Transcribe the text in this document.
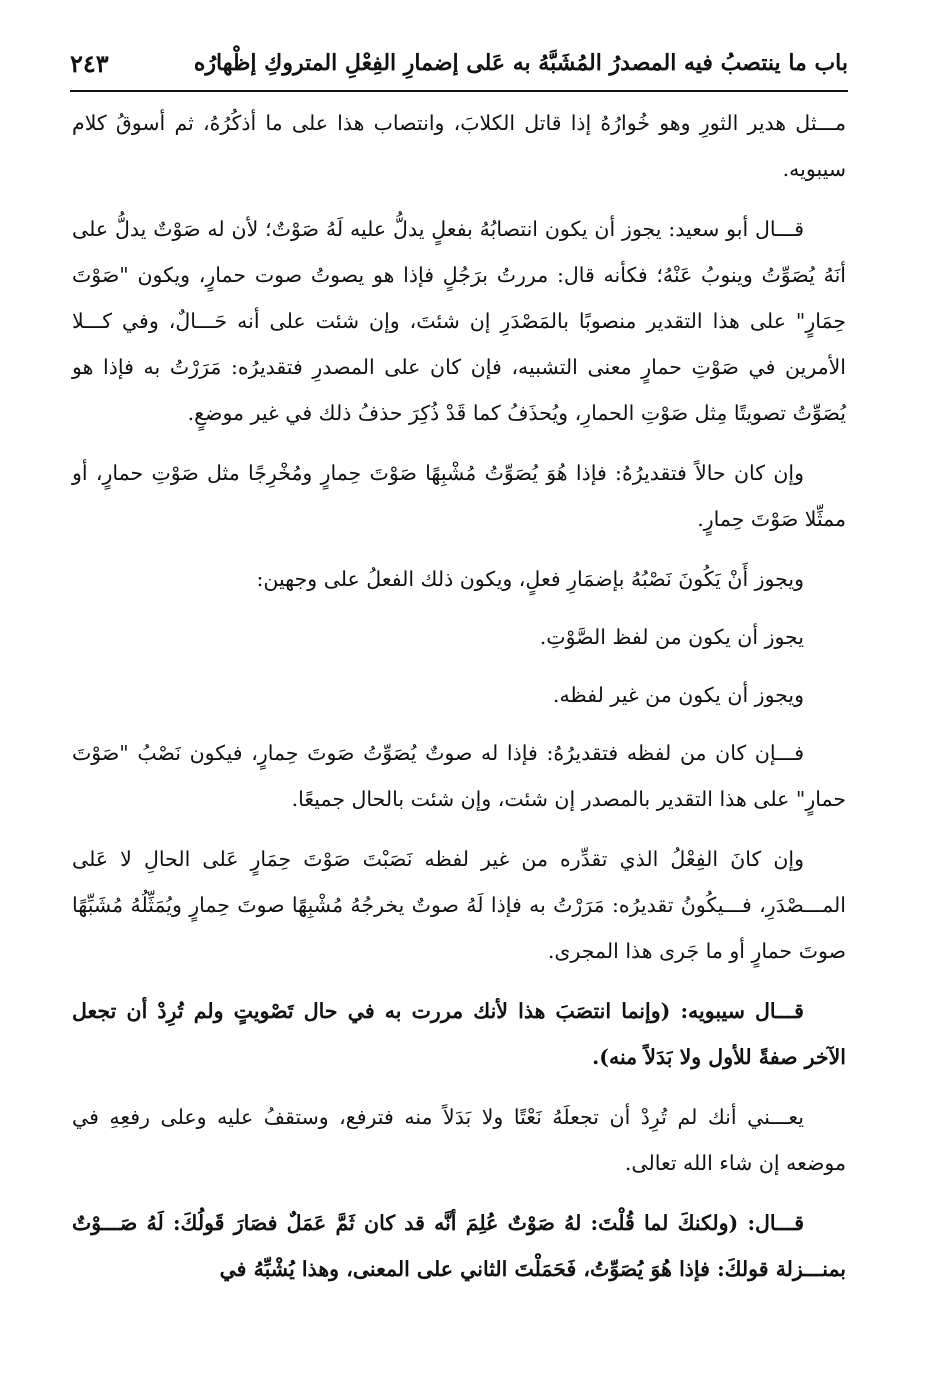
٢٤٣	باب ما ينتصبُ فيه المصدرُ المُشَبَّهُ به عَلى إضمارِ الفِعْلِ المتروكِ إظْهارُه

مـــثل هدير الثورِ وهو خُوارُهُ إذا قاتل الكلابَ، وانتصاب هذا على ما أذكُرُهُ، ثم أسوقُ كلام سيبويه.

قـــال أبو سعيد: يجوز أن يكون انتصابُهُ بفعلٍ يدلُّ عليه لَهُ صَوْتٌ؛ لأن له صَوْتٌ يدلُّ على أنَهُ يُصَوِّتُ وينوبُ عَنْهُ؛ فكأنه قال: مررتُ برَجُلٍ فإذا هو يصوتُ صوت حمارٍ، ويكون "صَوْتَ حِمَارٍ" على هذا التقدير منصوبًا بالمَصْدَرِ إن شئتَ، وإن شئت على أنه حَـــالٌ، وفي كـــلا الأمرين في صَوْتِ حمارٍ معنى التشبيه، فإن كان على المصدرِ فتقديرُه: مَرَرْتُ به فإذا هو يُصَوِّتُ تصويتًا مِثل صَوْتِ الحمارِ، ويُحذَفُ كما قَدْ ذُكِرَ حذفُ ذلك في غير موضعٍ.

وإن كان حالاً فتقديرُهُ: فإذا هُوَ يُصَوِّتُ مُشْبِهًا صَوْتَ حِمارٍ ومُخْرِجًا مثل صَوْتِ حمارٍ، أو ممثِّلا صَوْتَ حِمارٍ.

ويجوز أَنْ يَكُونَ نَصْبُهُ بإضمَارِ فعلٍ، ويكون ذلك الفعلُ على وجهين:

يجوز أن يكون من لفظ الصَّوْتِ.

ويجوز أن يكون من غير لفظه.

فـــإن كان من لفظه فتقديرُهُ: فإذا له صوتٌ يُصَوِّتُ صَوتَ حِمارٍ، فيكون نَصْبُ "صَوْتَ حمارٍ" على هذا التقدير بالمصدر إن شئت، وإن شئت بالحال جميعًا.

وإن كانَ الفِعْلُ الذي تقدِّره من غير لفظه نَصَبْتَ صَوْتَ حِمَارٍ عَلى الحالِ لا عَلى المـــصْدَرِ، فـــيكُونُ تقديرُه: مَرَرْتُ به فإذا لَهُ صوتٌ يخرجُهُ مُشْبِهًا صوتَ حِمارٍ ويُمَثِّلُهُ مُشَبِّهًا صوتَ حمارٍ أو ما جَرى هذا المجرى.

قـــال سيبويه: (وإنما انتصَبَ هذا لأنك مررت به في حال تَصْويتٍ ولم تُرِدْ أن تجعل الآخر صفةً للأول ولا بَدَلاً منه).

يعـــني أنك لم تُرِدْ أن تجعلَهُ نَعْتًا ولا بَدَلاً منه فترفع، وستقفُ عليه وعلى رفعِهِ في موضعه إن شاء الله تعالى.

قـــال: (ولكنكَ لما قُلْتَ: لهُ صَوْتٌ عُلِمَ أنَّه قد كان ثَمَّ عَمَلٌ فصَارَ قَولُكَ: لَهُ صَـــوْتٌ بمنـــزلة قولكَ: فإذا هُوَ يُصَوِّتُ، فَحَمَلْتَ الثاني على المعنى، وهذا يُشْبِّهُ في
